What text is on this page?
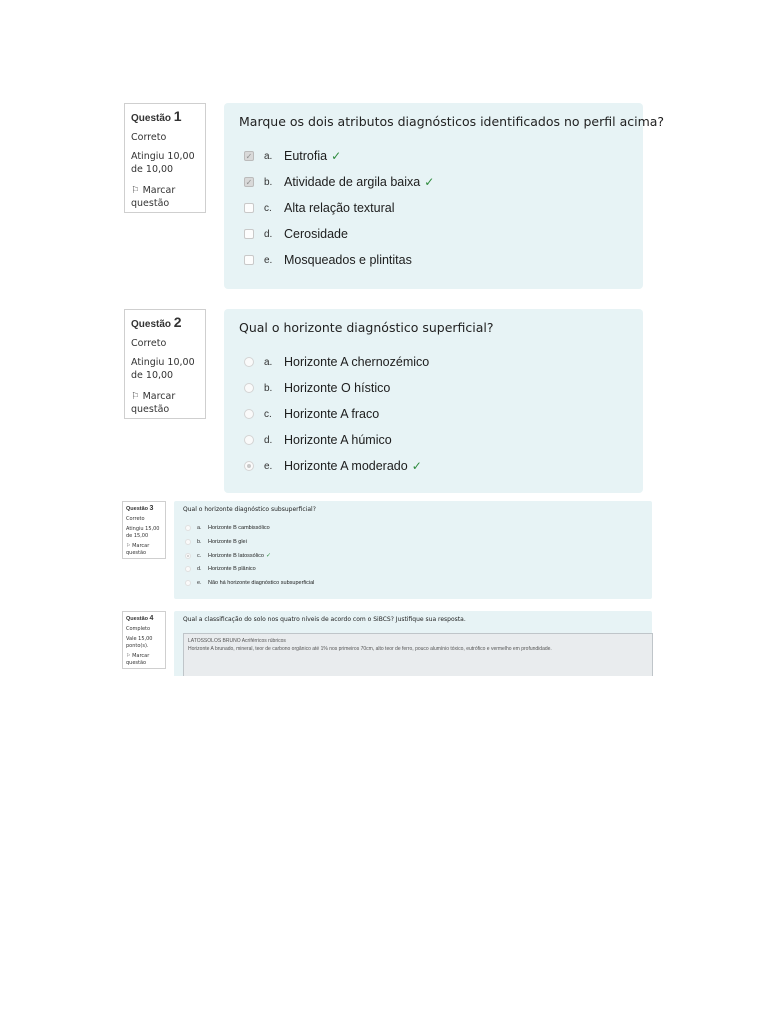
Questão 1
Correto
Atingiu 10,00 de 10,00
⚐ Marcar questão
Marque os dois atributos diagnósticos identificados no perfil acima?
✓
a. Eutrofia ✓
✓
b. Atividade de argila baixa ✓
c. Alta relação textural
d. Cerosidade
e. Mosqueados e plintitas
Questão 2
Correto
Atingiu 10,00 de 10,00
⚐ Marcar questão
Qual o horizonte diagnóstico superficial?
a. Horizonte A chernozémico
b. Horizonte O hístico
c. Horizonte A fraco
d. Horizonte A húmico
e. Horizonte A moderado ✓
Questão 3
Correto
Atingiu 15,00 de 15,00
⚐ Marcar questão
Qual o horizonte diagnóstico subsuperficial?
a.	Horizonte B cambissólico
b.	Horizonte B glei
c.	Horizonte B latossólico ✓
d.	Horizonte B plânico
e.	Não há horizonte diagnóstico subsuperficial
Questão 4
Completo
Vale 15,00 ponto(s).
⚐ Marcar questão
Qual a classificação do solo nos quatro níveis de acordo com o SiBCS? Justifique sua resposta.
LATOSSOLOS BRUNO Acriférricos rúbricos
Horizonte A brunado, mineral, teor de carbono orgânico até 1% nos primeiros 70cm, alto teor de ferro, pouco alumínio tóxico, eutrófico e vermelho em profundidade.
